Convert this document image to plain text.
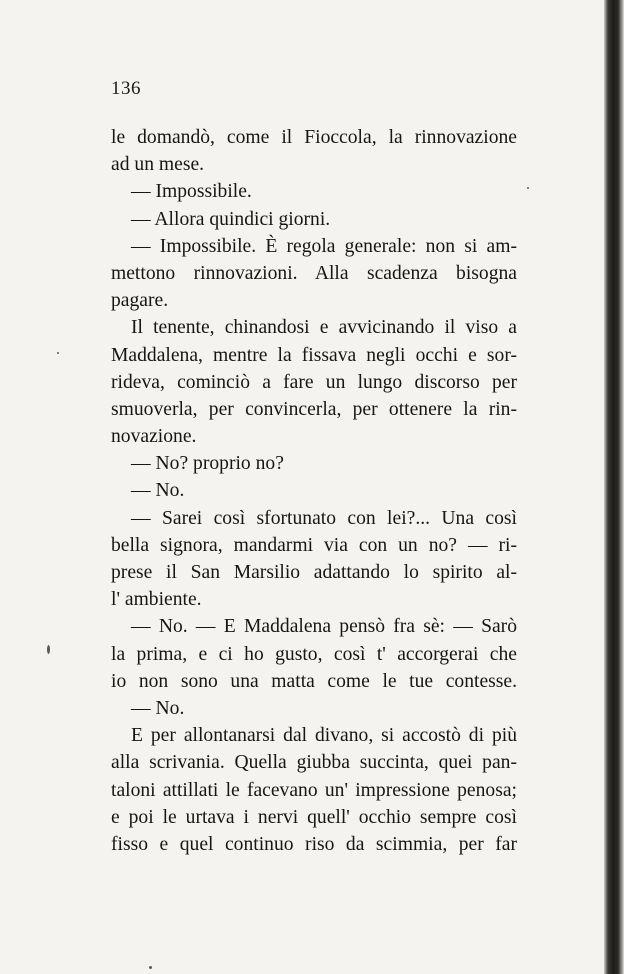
136
le domandò, come il Fioccola, la rinnovazione
ad un mese.
— Impossibile.
— Allora quindici giorni.
— Impossibile. È regola generale: non si am-
mettono rinnovazioni. Alla scadenza bisogna
pagare.
Il tenente, chinandosi e avvicinando il viso a
Maddalena, mentre la fissava negli occhi e sor-
rideva, cominciò a fare un lungo discorso per
smuoverla, per convincerla, per ottenere la rin-
novazione.
— No? proprio no?
— No.
— Sarei così sfortunato con lei?... Una così
bella signora, mandarmi via con un no? — ri-
prese il San Marsilio adattando lo spirito al-
l' ambiente.
— No. — E Maddalena pensò fra sè: — Sarò
la prima, e ci ho gusto, così t' accorgerai che
io non sono una matta come le tue contesse.
— No.
E per allontanarsi dal divano, si accostò di più
alla scrivania. Quella giubba succinta, quei pan-
taloni attillati le facevano un' impressione penosa;
e poi le urtava i nervi quell' occhio sempre così
fisso e quel continuo riso da scimmia, per far
